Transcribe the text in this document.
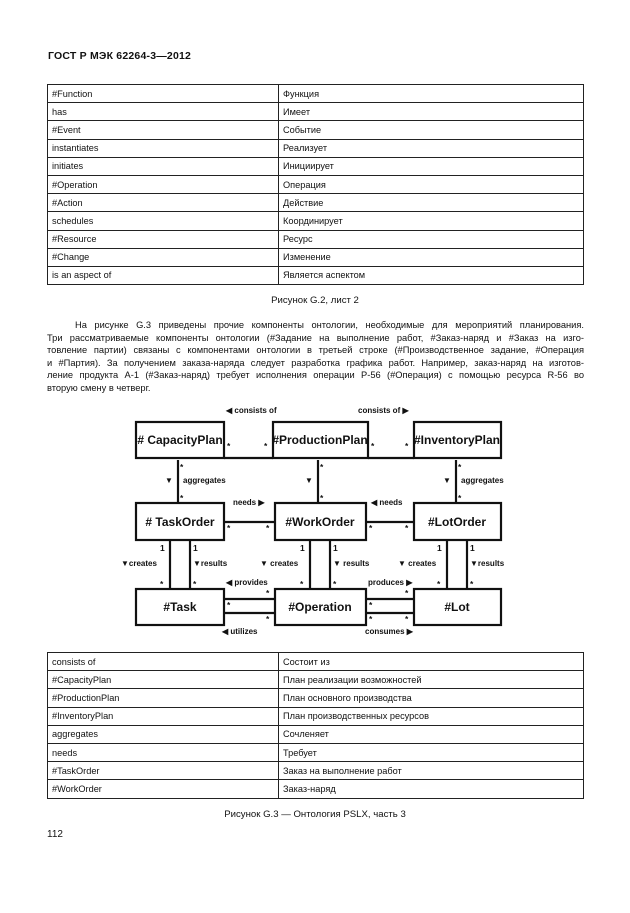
ГОСТ Р МЭК 62264-3—2012
#Function	Функция
has	Имеет
#Event	Событие
instantiates	Реализует
initiates	Инициирует
#Operation	Операция
#Action	Действие
schedules	Координирует
#Resource	Ресурс
#Change	Изменение
is an aspect of	Является аспектом
Рисунок G.2, лист 2
На рисунке G.3 приведены прочие компоненты онтологии, необходимые для мероприятий планирования.
Три рассматриваемые компоненты онтологии (#Задание на выполнение работ, #Заказ-наряд и #Заказ на изго-
товление партии) связаны с компонентами онтологии в третьей строке (#Производственное задание, #Операция
и #Партия). За получением заказа-наряда следует разработка графика работ. Например, заказ-наряд на изготов-
ление продукта А-1 (#Заказ-наряд) требует исполнения операции Р-56 (#Операция) с помощью ресурса R-56 во
вторую смену в четверг.
# CapacityPlan	#ProductionPlan	#InventoryPlan
# TaskOrder	#WorkOrder	#LotOrder
#Task	#Operation	#Lot
◀ consists of	consists of ▶
▼ aggregates	▼	▼ aggregates
needs ▶	◀ needs
▼creates	▼results	▼ creates	▼ results	▼ creates	▼results
◀ provides	produces ▶
◀ utilizes	consumes ▶
*	*	*	*
*	*	*
*	*	*
*	*	*	*
*	*	*	*	*	*
*
*
*
*
*
*
*
1	1	1	1	1	1
consists of	Состоит из
#CapacityPlan	План реализации возможностей
#ProductionPlan	План основного производства
#InventoryPlan	План производственных ресурсов
aggregates	Сочленяет
needs	Требует
#TaskOrder	Заказ на выполнение работ
#WorkOrder	Заказ-наряд
Рисунок G.3 — Онтология PSLX, часть 3
112
